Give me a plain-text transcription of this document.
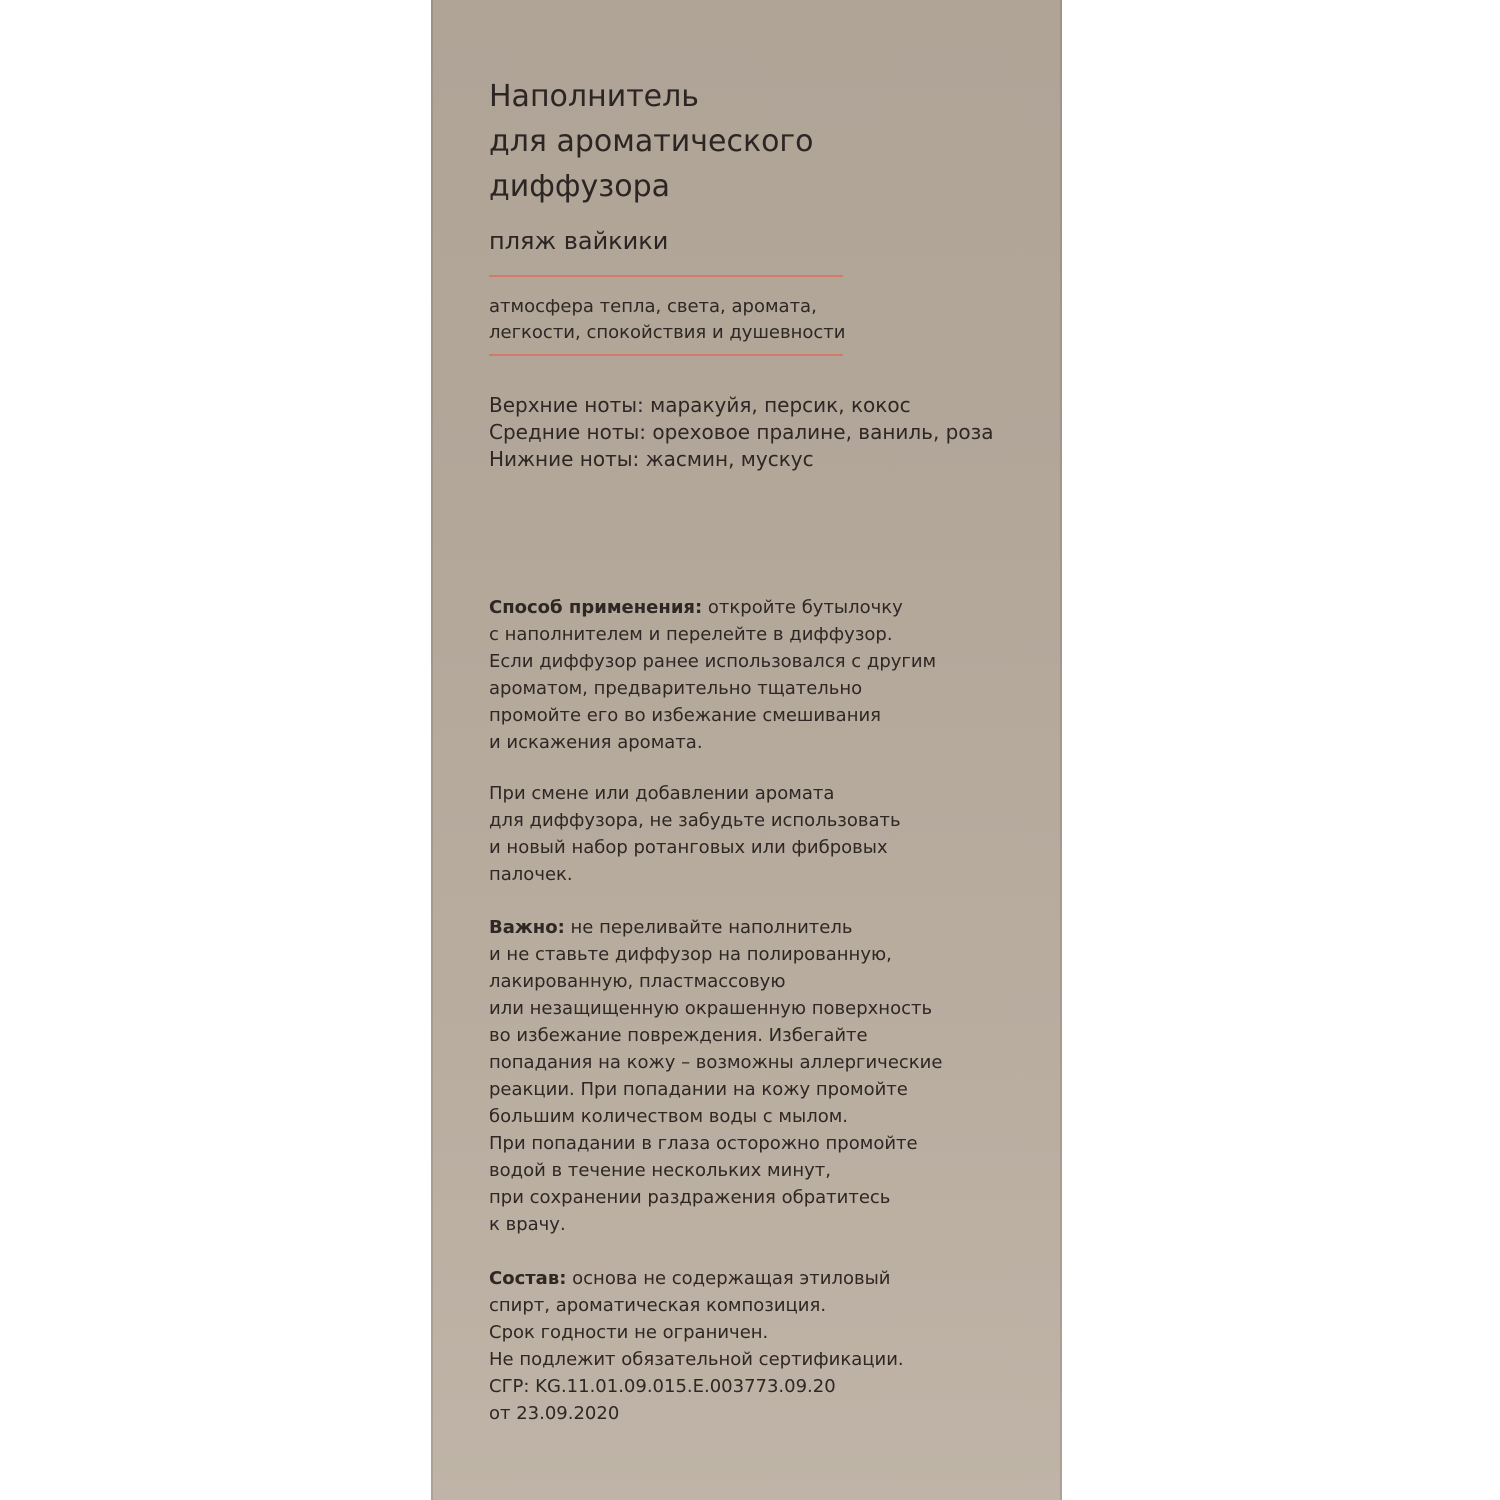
Наполнитель
для ароматического
диффузора
пляж вайкики
атмосфера тепла, света, аромата,
легкости, спокойствия и душевности
Верхние ноты: маракуйя, персик, кокос
Средние ноты: ореховое пралине, ваниль, роза
Нижние ноты: жасмин, мускус
Способ применения: откройте бутылочку
с наполнителем и перелейте в диффузор.
Если диффузор ранее использовался с другим
ароматом, предварительно тщательно
промойте его во избежание смешивания
и искажения аромата.
При смене или добавлении аромата
для диффузора, не забудьте использовать
и новый набор ротанговых или фибровых
палочек.
Важно: не переливайте наполнитель
и не ставьте диффузор на полированную,
лакированную, пластмассовую
или незащищенную окрашенную поверхность
во избежание повреждения. Избегайте
попадания на кожу – возможны аллергические
реакции. При попадании на кожу промойте
большим количеством воды с мылом.
При попадании в глаза осторожно промойте
водой в течение нескольких минут,
при сохранении раздражения обратитесь
к врачу.
Состав: основа не содержащая этиловый
спирт, ароматическая композиция.
Срок годности не ограничен.
Не подлежит обязательной сертификации.
СГР: KG.11.01.09.015.Е.003773.09.20
от 23.09.2020
